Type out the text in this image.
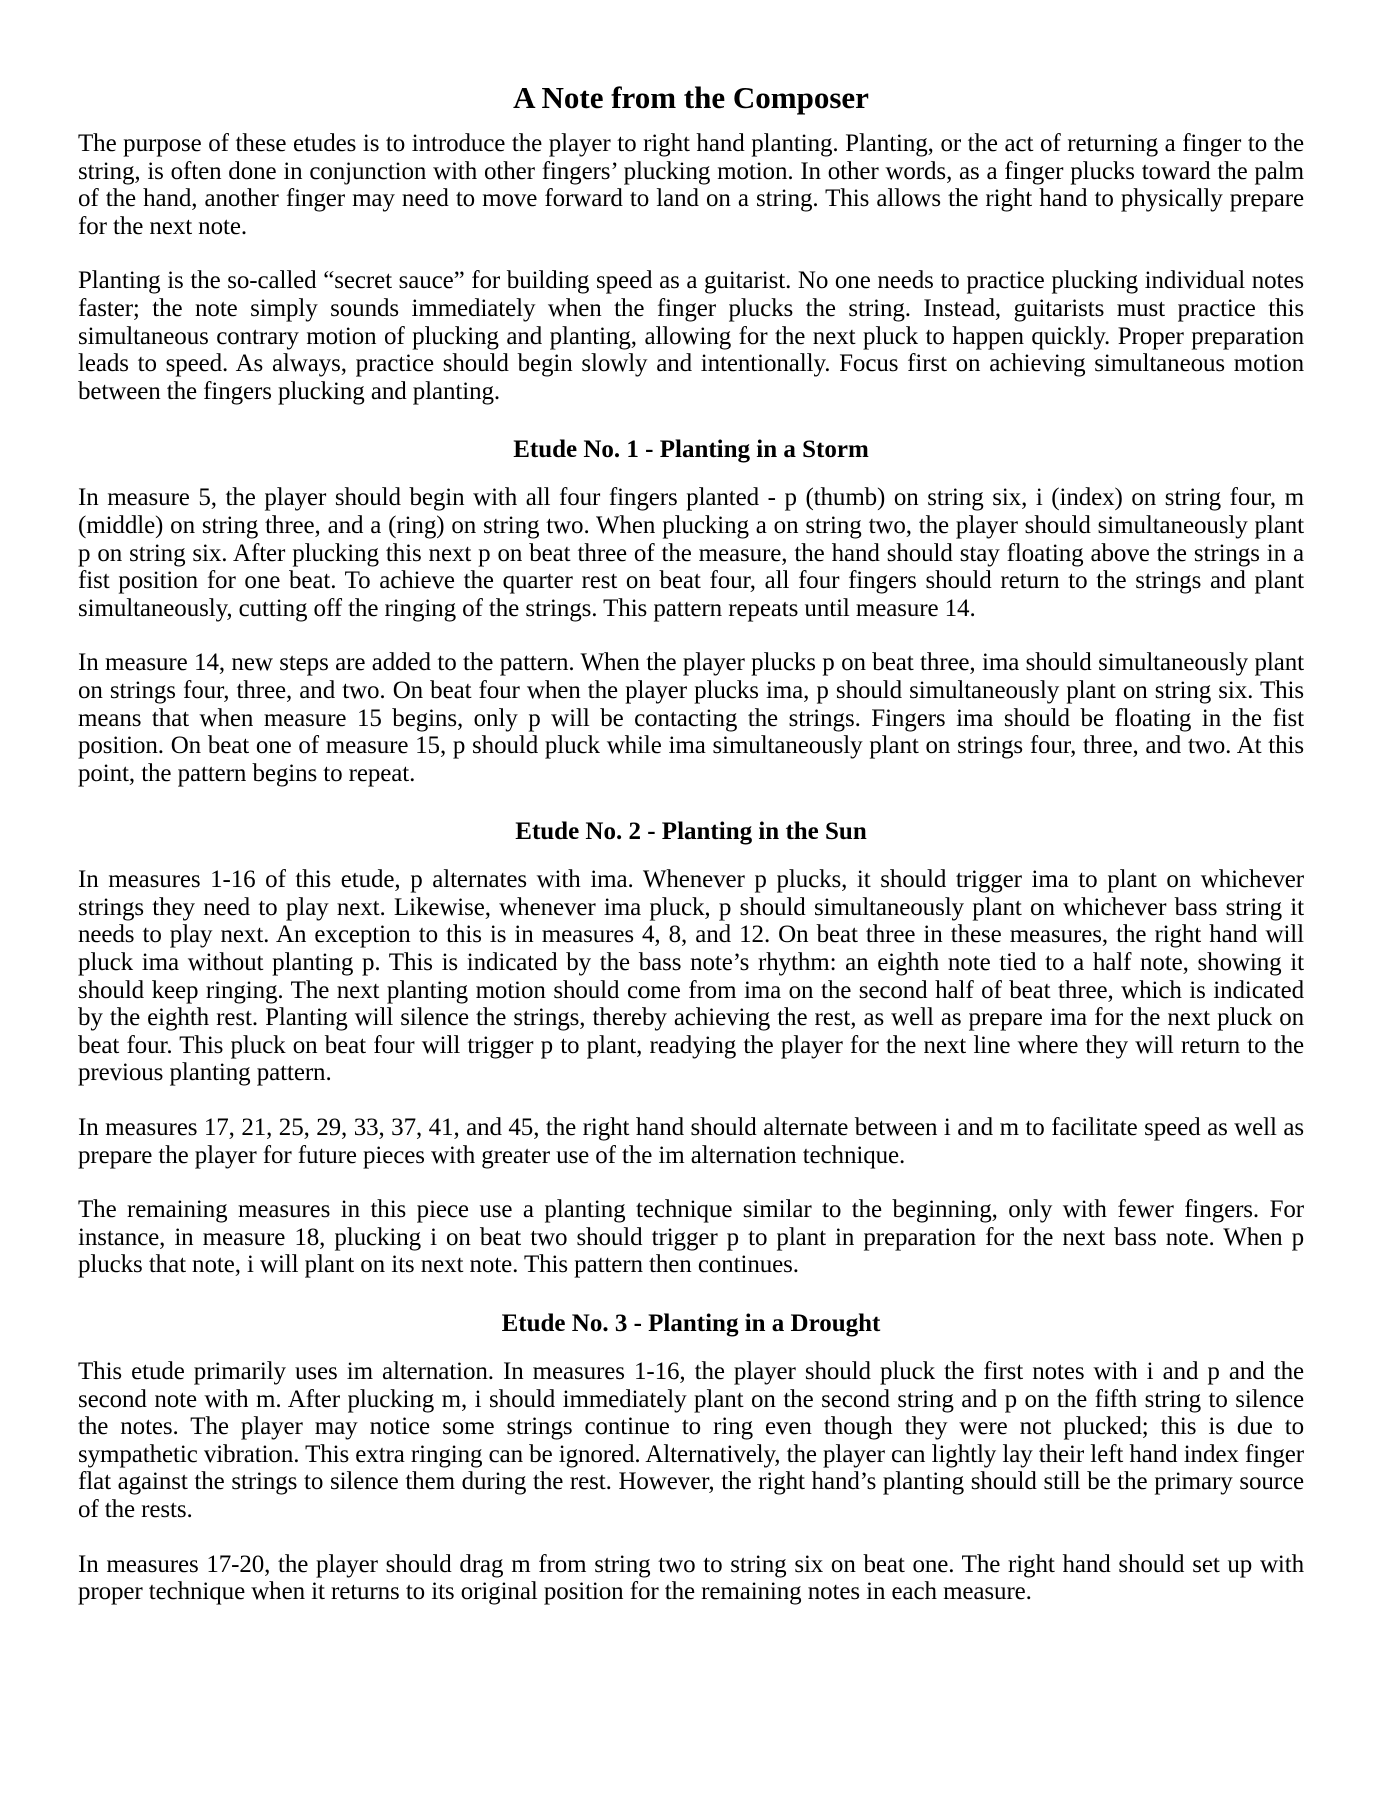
A Note from the Composer

The purpose of these etudes is to introduce the player to right hand planting. Planting, or the act of returning a finger to the string, is often done in conjunction with other fingers’ plucking motion. In other words, as a finger plucks toward the palm of the hand, another finger may need to move forward to land on a string. This allows the right hand to physically prepare for the next note.

Planting is the so-called “secret sauce” for building speed as a guitarist. No one needs to practice plucking individual notes faster; the note simply sounds immediately when the finger plucks the string. Instead, guitarists must practice this simultaneous contrary motion of plucking and planting, allowing for the next pluck to happen quickly. Proper preparation leads to speed. As always, practice should begin slowly and intentionally. Focus first on achieving simultaneous motion between the fingers plucking and planting.

Etude No. 1 - Planting in a Storm

In measure 5, the player should begin with all four fingers planted - p (thumb) on string six, i (index) on string four, m (middle) on string three, and a (ring) on string two. When plucking a on string two, the player should simultaneously plant p on string six. After plucking this next p on beat three of the measure, the hand should stay floating above the strings in a fist position for one beat. To achieve the quarter rest on beat four, all four fingers should return to the strings and plant simultaneously, cutting off the ringing of the strings. This pattern repeats until measure 14.

In measure 14, new steps are added to the pattern. When the player plucks p on beat three, ima should simultaneously plant on strings four, three, and two. On beat four when the player plucks ima, p should simultaneously plant on string six. This means that when measure 15 begins, only p will be contacting the strings. Fingers ima should be floating in the fist position. On beat one of measure 15, p should pluck while ima simultaneously plant on strings four, three, and two. At this point, the pattern begins to repeat.

Etude No. 2 - Planting in the Sun

In measures 1-16 of this etude, p alternates with ima. Whenever p plucks, it should trigger ima to plant on whichever strings they need to play next. Likewise, whenever ima pluck, p should simultaneously plant on whichever bass string it needs to play next. An exception to this is in measures 4, 8, and 12. On beat three in these measures, the right hand will pluck ima without planting p. This is indicated by the bass note’s rhythm: an eighth note tied to a half note, showing it should keep ringing. The next planting motion should come from ima on the second half of beat three, which is indicated by the eighth rest. Planting will silence the strings, thereby achieving the rest, as well as prepare ima for the next pluck on beat four. This pluck on beat four will trigger p to plant, readying the player for the next line where they will return to the previous planting pattern.

In measures 17, 21, 25, 29, 33, 37, 41, and 45, the right hand should alternate between i and m to facilitate speed as well as prepare the player for future pieces with greater use of the im alternation technique.

The remaining measures in this piece use a planting technique similar to the beginning, only with fewer fingers. For instance, in measure 18, plucking i on beat two should trigger p to plant in preparation for the next bass note. When p plucks that note, i will plant on its next note. This pattern then continues.

Etude No. 3 - Planting in a Drought

This etude primarily uses im alternation. In measures 1-16, the player should pluck the first notes with i and p and the second note with m. After plucking m, i should immediately plant on the second string and p on the fifth string to silence the notes. The player may notice some strings continue to ring even though they were not plucked; this is due to sympathetic vibration. This extra ringing can be ignored. Alternatively, the player can lightly lay their left hand index finger flat against the strings to silence them during the rest. However, the right hand’s planting should still be the primary source of the rests.

In measures 17-20, the player should drag m from string two to string six on beat one. The right hand should set up with proper technique when it returns to its original position for the remaining notes in each measure.
